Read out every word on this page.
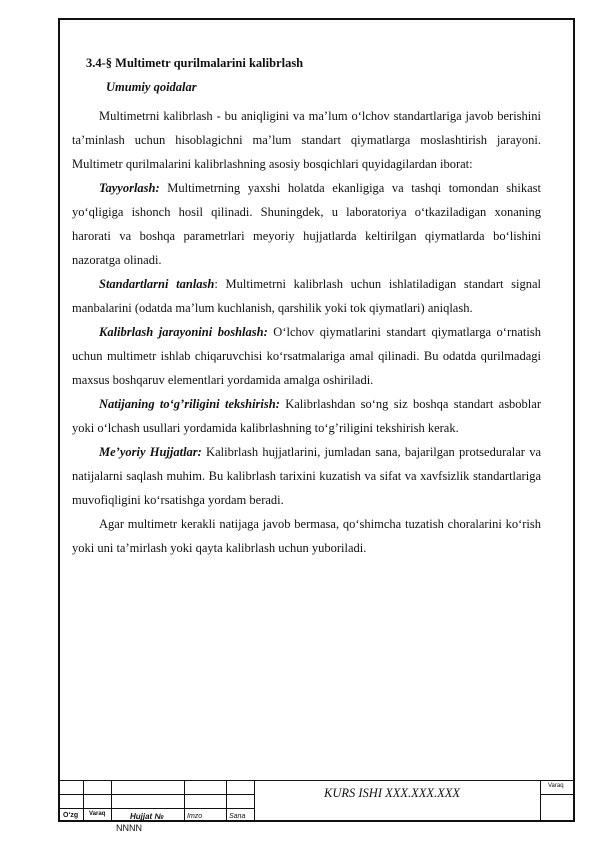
3.4-§ Multimetr qurilmalarini kalibrlash
Umumiy qoidalar

Multimetrni kalibrlash - bu aniqligini va ma’lum o‘lchov standartlariga javob berishini ta’minlash uchun hisoblagichni ma’lum standart qiymatlarga moslashtirish jarayoni. Multimetr qurilmalarini kalibrlashning asosiy bosqichlari quyidagilardan iborat:

Tayyorlash: Multimetrning yaxshi holatda ekanligiga va tashqi tomondan shikast yo‘qligiga ishonch hosil qilinadi. Shuningdek, u laboratoriya o‘tkaziladigan xonaning harorati va boshqa parametrlari meyoriy hujjatlarda keltirilgan qiymatlarda bo‘lishini nazoratga olinadi.

Standartlarni tanlash: Multimetrni kalibrlash uchun ishlatiladigan standart signal manbalarini (odatda ma’lum kuchlanish, qarshilik yoki tok qiymatlari) aniqlash.

Kalibrlash jarayonini boshlash: O‘lchov qiymatlarini standart qiymatlarga o‘rnatish uchun multimetr ishlab chiqaruvchisi ko‘rsatmalariga amal qilinadi. Bu odatda qurilmadagi maxsus boshqaruv elementlari yordamida amalga oshiriladi.

Natijaning to‘g’riligini tekshirish: Kalibrlashdan so‘ng siz boshqa standart asboblar yoki o‘lchash usullari yordamida kalibrlashning to‘g’riligini tekshirish kerak.

Me’yoriy Hujjatlar: Kalibrlash hujjatlarini, jumladan sana, bajarilgan protseduralar va natijalarni saqlash muhim. Bu kalibrlash tarixini kuzatish va sifat va xavfsizlik standartlariga muvofiqligini ko‘rsatishga yordam beradi.

Agar multimetr kerakli natijaga javob bermasa, qo‘shimcha tuzatish choralarini ko‘rish yoki uni ta’mirlash yoki qayta kalibrlash uchun yuboriladi.

O‘zg Varaq	Hujjat №	Imzo	Sana
KURS ISHI XXX.XXX.XXX	Varaq
NNNN
